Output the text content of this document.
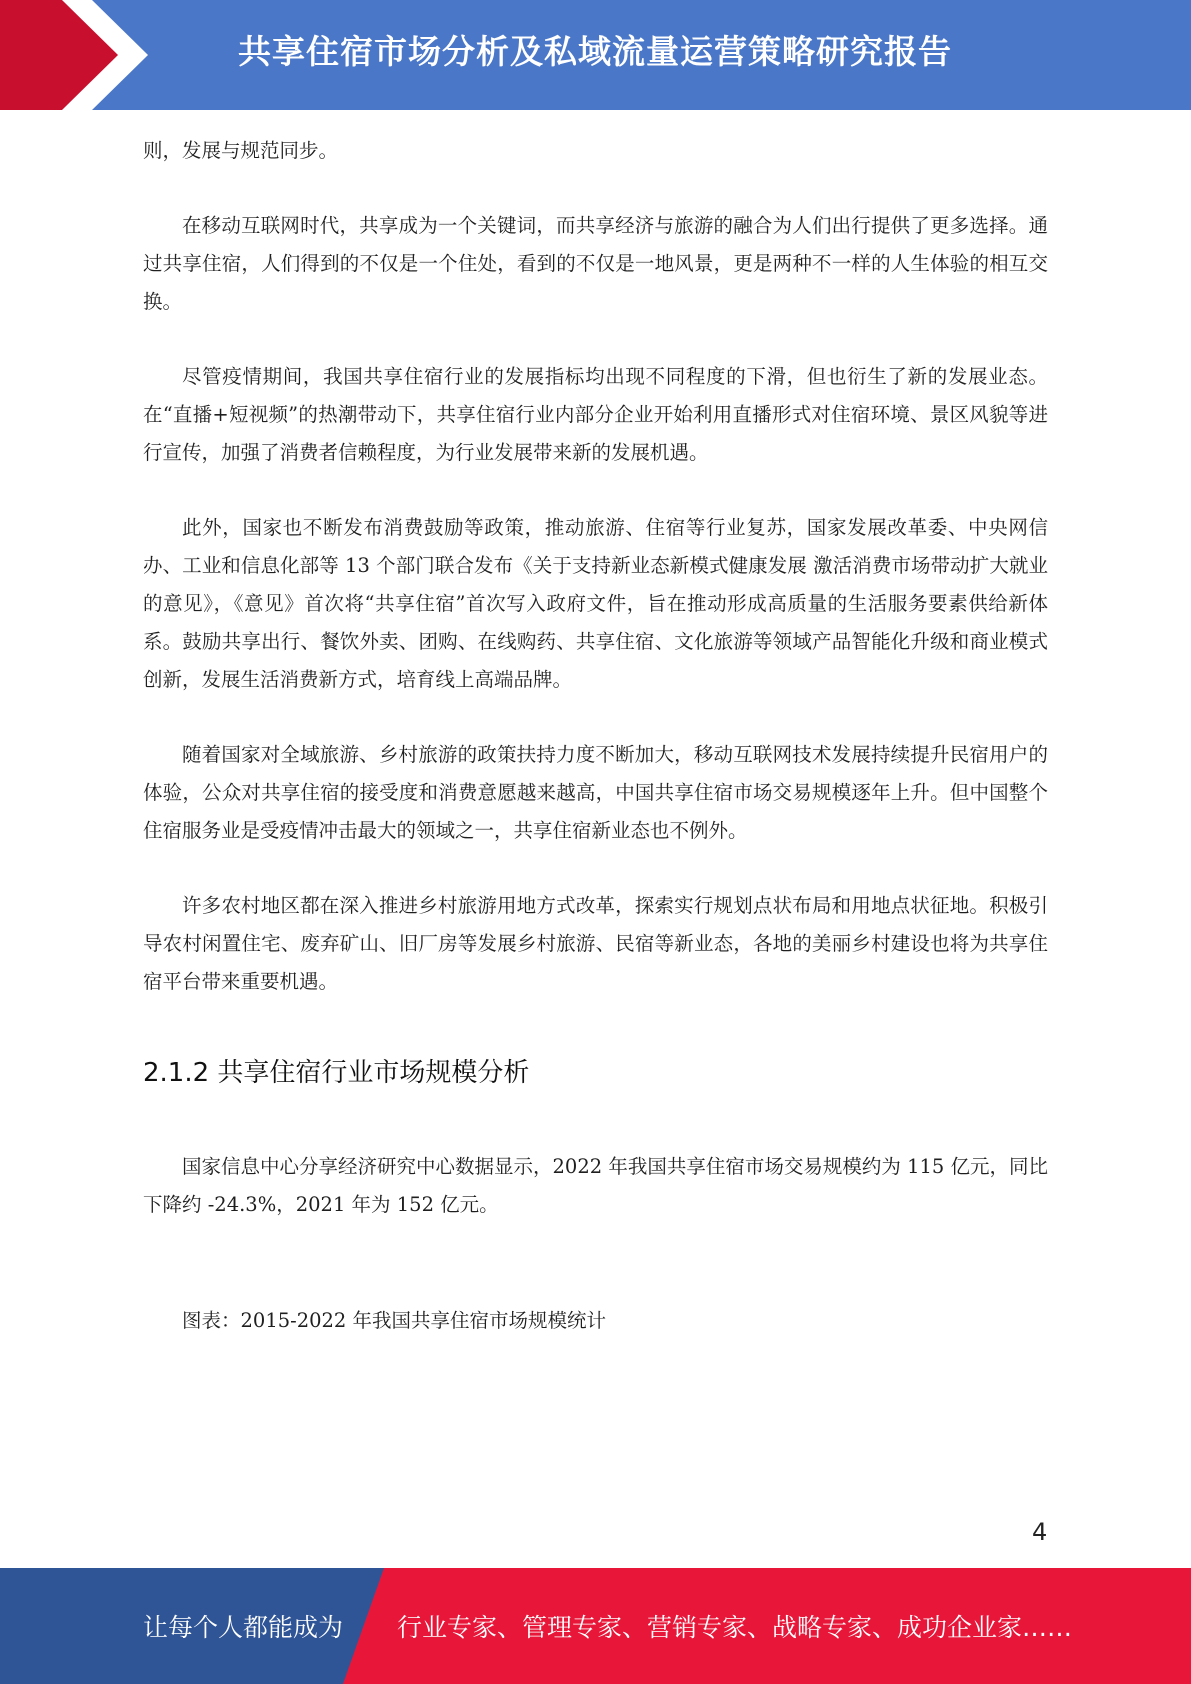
共享住宿市场分析及私域流量运营策略研究报告

则，发展与规范同步。

在移动互联网时代，共享成为一个关键词，而共享经济与旅游的融合为人们出行提供了更多选择。通过共享住宿，人们得到的不仅是一个住处，看到的不仅是一地风景，更是两种不一样的人生体验的相互交换。

尽管疫情期间，我国共享住宿行业的发展指标均出现不同程度的下滑，但也衍生了新的发展业态。在“直播+短视频”的热潮带动下，共享住宿行业内部分企业开始利用直播形式对住宿环境、景区风貌等进行宣传，加强了消费者信赖程度，为行业发展带来新的发展机遇。

此外，国家也不断发布消费鼓励等政策，推动旅游、住宿等行业复苏，国家发展改革委、中央网信办、工业和信息化部等 13 个部门联合发布《关于支持新业态新模式健康发展 激活消费市场带动扩大就业的意见》，《意见》首次将“共享住宿”首次写入政府文件，旨在推动形成高质量的生活服务要素供给新体系。鼓励共享出行、餐饮外卖、团购、在线购药、共享住宿、文化旅游等领域产品智能化升级和商业模式创新，发展生活消费新方式，培育线上高端品牌。

随着国家对全域旅游、乡村旅游的政策扶持力度不断加大，移动互联网技术发展持续提升民宿用户的体验，公众对共享住宿的接受度和消费意愿越来越高，中国共享住宿市场交易规模逐年上升。但中国整个住宿服务业是受疫情冲击最大的领域之一，共享住宿新业态也不例外。

许多农村地区都在深入推进乡村旅游用地方式改革，探索实行规划点状布局和用地点状征地。积极引导农村闲置住宅、废弃矿山、旧厂房等发展乡村旅游、民宿等新业态，各地的美丽乡村建设也将为共享住宿平台带来重要机遇。

2.1.2 共享住宿行业市场规模分析

国家信息中心分享经济研究中心数据显示，2022 年我国共享住宿市场交易规模约为 115 亿元，同比下降约 -24.3%，2021 年为 152 亿元。

图表：2015-2022 年我国共享住宿市场规模统计

4
让每个人都能成为 行业专家、管理专家、营销专家、战略专家、成功企业家……
